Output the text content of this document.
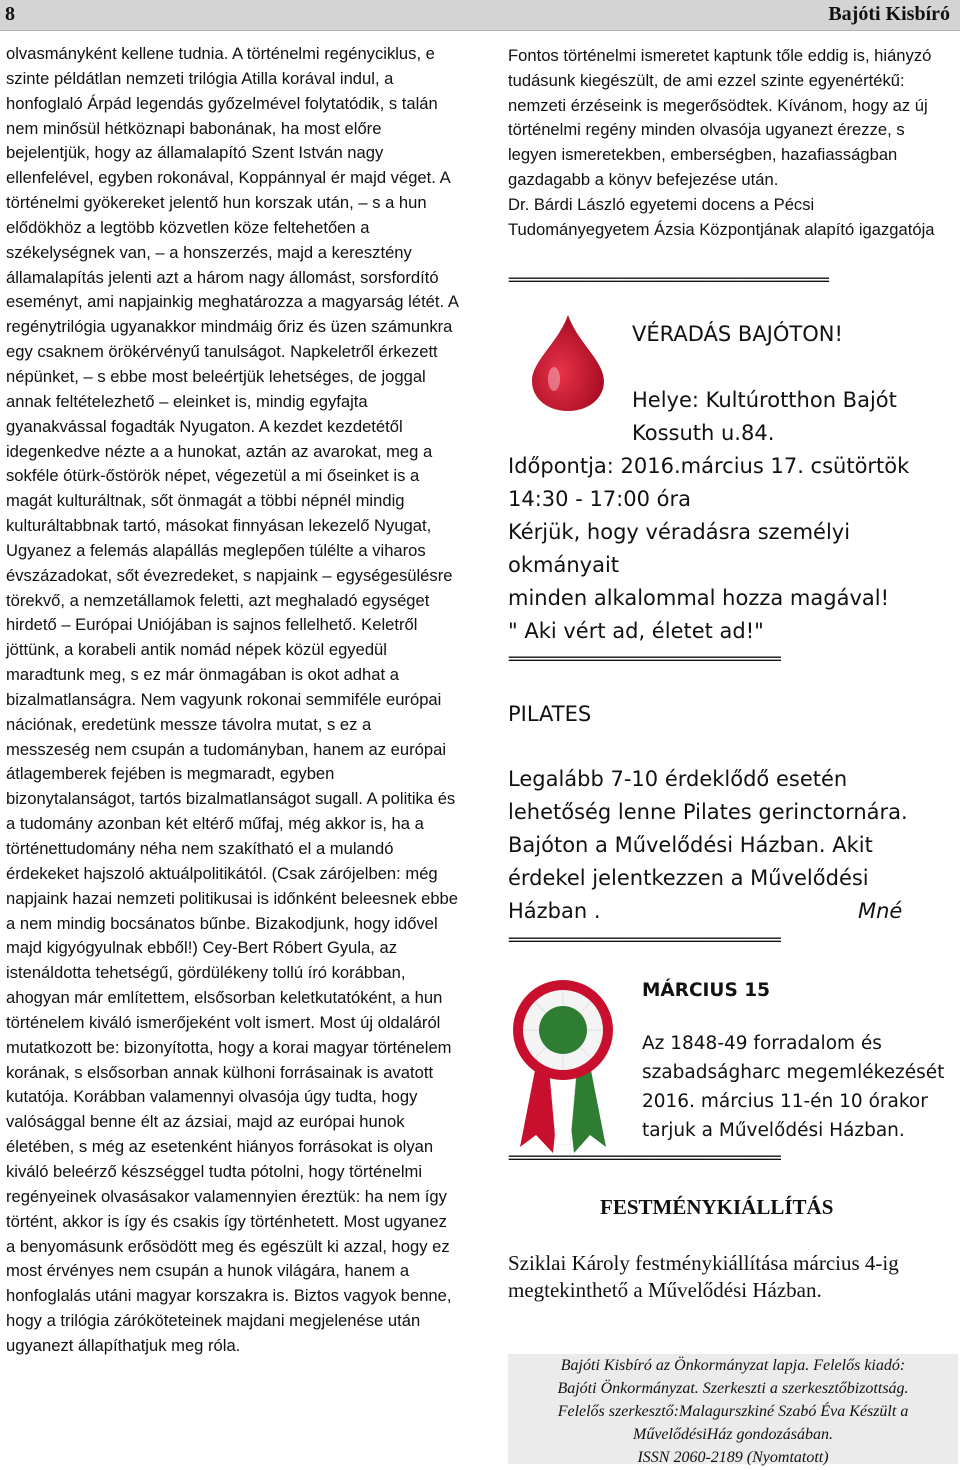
8	Bajóti Kisbíró

olvasmányként kellene tudnia. A történelmi regényciklus, e szinte példátlan nemzeti trilógia Atilla korával indul, a honfoglaló Árpád legendás győzelmével folytatódik, s talán nem minősül hétköznapi babonának, ha most előre bejelentjük, hogy az államalapító Szent István nagy ellenfelével, egyben rokonával, Koppánnyal ér majd véget. A történelmi gyökereket jelentő hun korszak után, – s a hun elődökhöz a legtöbb közvetlen köze feltehetően a székelységnek van, – a honszerzés, majd a keresztény államalapítás jelenti azt a három nagy állomást, sorsfordító eseményt, ami napjainkig meghatározza a magyarság létét. A regénytrilógia ugyanakkor mindmáig őriz és üzen számunkra egy csaknem örökérvényű tanulságot. Napkeletről érkezett népünket, – s ebbe most beleértjük lehetséges, de joggal annak feltételezhető – eleinket is, mindig egyfajta gyanakvással fogadták Nyugaton. A kezdet kezdetétől idegenkedve nézte a a hunokat, aztán az avarokat, meg a sokféle ótürk-őstörök népet, végezetül a mi őseinket is a magát kulturáltnak, sőt önmagát a többi népnél mindig kulturáltabbnak tartó, másokat finnyásan lekezelő Nyugat, Ugyanez a felemás alapállás meglepően túlélte a viharos évszázadokat, sőt évezredeket, s napjaink – egységesülésre törekvő, a nemzetállamok feletti, azt meghaladó egységet hirdető – Európai Uniójában is sajnos fellelhető. Keletről jöttünk, a korabeli antik nomád népek közül egyedül maradtunk meg, s ez már önmagában is okot adhat a bizalmatlanságra. Nem vagyunk rokonai semmiféle európai nációnak, eredetünk messze távolra mutat, s ez a messzeség nem csupán a tudományban, hanem az európai átlagemberek fejében is megmaradt, egyben bizonytalanságot, tartós bizalmatlanságot sugall. A politika és a tudomány azonban két eltérő műfaj, még akkor is, ha a történettudomány néha nem szakítható el a mulandó érdekeket hajszoló aktuálpolitikától. (Csak zárójelben: még napjaink hazai nemzeti politikusai is időnként beleesnek ebbe a nem mindig bocsánatos bűnbe. Bizakodjunk, hogy idővel majd kigyógyulnak ebből!) Cey-Bert Róbert Gyula, az istenáldotta tehetségű, gördülékeny tollú író korábban, ahogyan már említettem, elsősorban keletkutatóként, a hun történelem kiváló ismerőjeként volt ismert. Most új oldaláról mutatkozott be: bizonyította, hogy a korai magyar történelem korának, s elsősorban annak külhoni forrásainak is avatott kutatója. Korábban valamennyi olvasója úgy tudta, hogy valósággal benne élt az ázsiai, majd az európai hunok életében, s még az esetenként hiányos forrásokat is olyan kiváló beleérző készséggel tudta pótolni, hogy történelmi regényeinek olvasásakor valamennyien éreztük: ha nem így történt, akkor is így és csakis így történhetett. Most ugyanez a benyomásunk erősödött meg és egészült ki azzal, hogy ez most érvényes nem csupán a hunok világára, hanem a honfoglalás utáni magyar korszakra is. Biztos vagyok benne, hogy a trilógia záróköteteinek majdani megjelenése után ugyanezt állapíthatjuk meg róla.

Fontos történelmi ismeretet kaptunk tőle eddig is, hiányzó tudásunk kiegészült, de ami ezzel szinte egyenértékű: nemzeti érzéseink is megerősödtek. Kívánom, hogy az új történelmi regény minden olvasója ugyanezt érezze, s legyen ismeretekben, emberségben, hazafiasságban gazdagabb a könyv befejezése után.

Dr. Bárdi László egyetemi docens a Pécsi Tudományegyetem Ázsia Központjának alapító igazgatója

========================================
VÉRADÁS BAJÓTON!
Helye: Kultúrotthon Bajót
Kossuth u.84.
Időpontja: 2016.március 17. csütörtök
14:30 - 17:00 óra
Kérjük, hogy véradásra személyi
okmányait
minden alkalommal hozza magával!
" Aki vért ad, életet ad!"
==================================
PILATES
Legalább 7-10 érdeklődő esetén
lehetőség lenne Pilates gerinctornára.
Bajóton a Művelődési Házban. Akit
érdekel jelentkezzen a Művelődési
Házban .	Mné
==================================
MÁRCIUS 15
Az 1848-49 forradalom és
szabadságharc megemlékezését
2016. március 11-én 10 órakor
tarjuk a Művelődési Házban.
==================================
FESTMÉNYKIÁLLÍTÁS
Sziklai Károly festménykiállítása március 4-ig megtekinthető a Művelődési Házban.

Bajóti Kisbíró az Önkormányzat lapja. Felelős kiadó:

Bajóti Önkormányzat. Szerkeszti a szerkesztőbizottság.

Felelős szerkesztő:Malagurszkiné Szabó Éva Készült a

MűvelődésiHáz gondozásában.

ISSN 2060-2189 (Nyomtatott)
